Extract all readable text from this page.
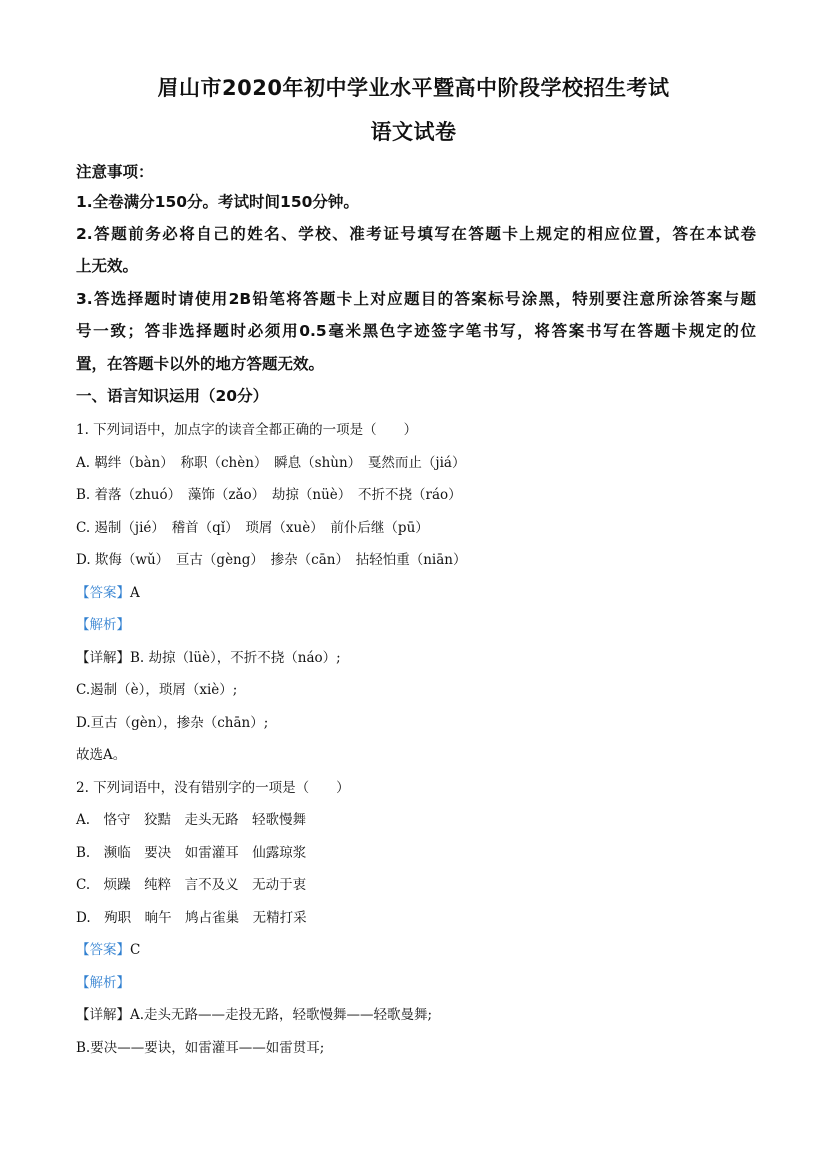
眉山市2020年初中学业水平暨高中阶段学校招生考试
语文试卷
注意事项：
1.全卷满分150分。考试时间150分钟。
2.答题前务必将自己的姓名、学校、准考证号填写在答题卡上规定的相应位置，答在本试卷
上无效。
3.答选择题时请使用2B铅笔将答题卡上对应题目的答案标号涂黑，特别要注意所涂答案与题
号一致；答非选择题时必须用0.5毫米黑色字迹签字笔书写，将答案书写在答题卡规定的位
置，在答题卡以外的地方答题无效。
一、语言知识运用（20分）
1. 下列词语中，加点字的读音全都正确的一项是（　　）
A. 羁绊（bàn）　称职（chèn）　瞬息（shùn）　戛然而止（jiá）
B. 着落（zhuó）　藻饰（zǎo）　劫掠（nüè）　不折不挠（ráo）
C. 遏制（jié）　稽首（qǐ）　琐屑（xuè）　前仆后继（pū）
D. 欺侮（wǔ）　亘古（gèng）　掺杂（cān）　拈轻怕重（niān）
【答案】A
【解析】
【详解】B. 劫掠（lüè），不折不挠（náo）;
C.遏制（è），琐屑（xiè）;
D.亘古（gèn），掺杂（chān）;
故选A。
2. 下列词语中，没有错别字的一项是（　　）
A.　恪守　狡黠　走头无路　轻歌慢舞
B.　濒临　要决　如雷灌耳　仙露琼浆
C.　烦躁　纯粹　言不及义　无动于衷
D.　殉职　晌午　鸠占雀巢　无精打采
【答案】C
【解析】
【详解】A.走头无路——走投无路，轻歌慢舞——轻歌曼舞;
B.要决——要诀，如雷灌耳——如雷贯耳;
